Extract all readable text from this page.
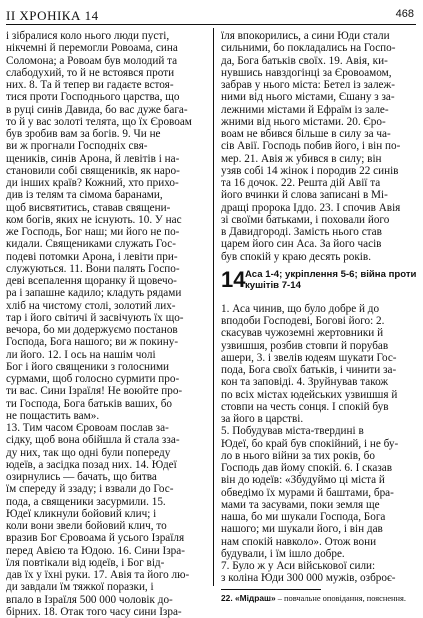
ІІ ХРОНІКА 14	468
і зібралися коло нього люди пусті,
нікчемні й перемогли Ровоама, сина
Соломона; а Ровоам був молодий та
слабодухий, то й не встоявся проти
них. 8. Та й тепер ви гадаєте встоя-
тися проти Господнього царства, що
в руці синів Давида, бо вас дуже бага-
то й у вас золоті телята, що їх Єровоам
був зробив вам за богів. 9. Чи не
ви ж прогнали Господніх свя-
щеників, синів Арона, й левітів і на-
становили собі священиків, як наро-
ди інших країв? Кожний, хто прихо-
див із телям та сімома баранами,
щоб висвятитись, ставав священи-
ком богів, яких не існують. 10. У нас
же Господь, Бог наш; ми його не по-
кидали. Священиками служать Гос-
подеві потомки Арона, і левіти при-
служуються. 11. Вони палять Госпо-
деві всепалення щоранку й щовечо-
ра і запашне кадило; кладуть рядами
хліб на чистому столі, золотий лих-
тар і його світичі й засвічують їх що-
вечора, бо ми додержуємо постанов
Господа, Бога нашого; ви ж покину-
ли його. 12. І ось на нашім чолі
Бог і його священики з голосними
сурмами, щоб голосно сурмити про-
ти вас. Сини Ізраїля! Не воюйте про-
ти Господа, Бога батьків ваших, бо
не пощастить вам».
13. Тим часом Єровоам послав за-
сідку, щоб вона обійшла й стала зза-
ду них, так що одні були попереду
юдеїв, а засідка позад них. 14. Юдеї
озирнулись — бачать, що битва
їм спереду й ззаду; і взвали до Гос-
пода, а священики засурмили. 15.
Юдеї кликнули бойовий клич; і
коли вони звели бойовий клич, то
вразив Бог Єровоама й усього Ізраїля
перед Авією та Юдою. 16. Сини Ізра-
їля повтікали від юдеїв, і Бог від-
дав їх у їхні руки. 17. Авія та його лю-
ди завдали їм тяжкої поразки, і
впало в Ізраїля 500 000 чоловік до-
бірних. 18. Отак того часу сини Ізра-
їля впокорились, а сини Юди стали
сильними, бо покладались на Госпо-
да, Бога батьків своїх. 19. Авія, ки-
нувшись навздогінці за Єровоамом,
забрав у нього міста: Бетел із залеж-
ними від нього містами, Єшану з за-
лежними містами й Ефраїм із зале-
жними від нього містами. 20. Єро-
воам не вбився більше в силу за ча-
сів Авії. Господь побив його, і він по-
мер. 21. Авія ж убився в силу; він
узяв собі 14 жінок і породив 22 синів
та 16 дочок. 22. Решта дій Авії та
його вчинки й слова записані в Мі-
дращі пророка Іддо. 23. І спочив Авія
зі своїми батьками, і поховали його
в Давидгороді. Замість нього став
царем його син Аса. За його часів
був спокій у краю десять років.
14 Аса 1-4; укріплення 5-6; війна проти
кушітів 7-14
1. Аса чинив, що було добре й до
вподоби Господеві, Богові його: 2.
скасував чужоземні жертовники й
узвишшя, розбив стовпи й порубав
ашери, 3. і звелів юдеям шукати Гос-
пода, Бога своїх батьків, і чинити за-
кон та заповіді. 4. Зруйнував також
по всіх містах юдейських узвишшя й
стовпи на честь сонця. І спокій був
за його в царстві.
5. Побудував міста-твердині в
Юдеї, бо край був спокійний, і не бу-
ло в нього війни за тих років, бо
Господь дав йому спокій. 6. І сказав
він до юдеїв: «Збудуймо ці міста й
обведімо їх мурами й баштами, бра-
мами та засувами, поки земля ще
наша, бо ми шукали Господа, Бога
нашого; ми шукали його, і він дав
нам спокій навколо». Отож вони
будували, і їм ішло добре.
7. Було ж у Аси військової сили:
з коліна Юди 300 000 мужів, озброє-
22. «Мідраш» – повчальне оповідання, пояснення.
